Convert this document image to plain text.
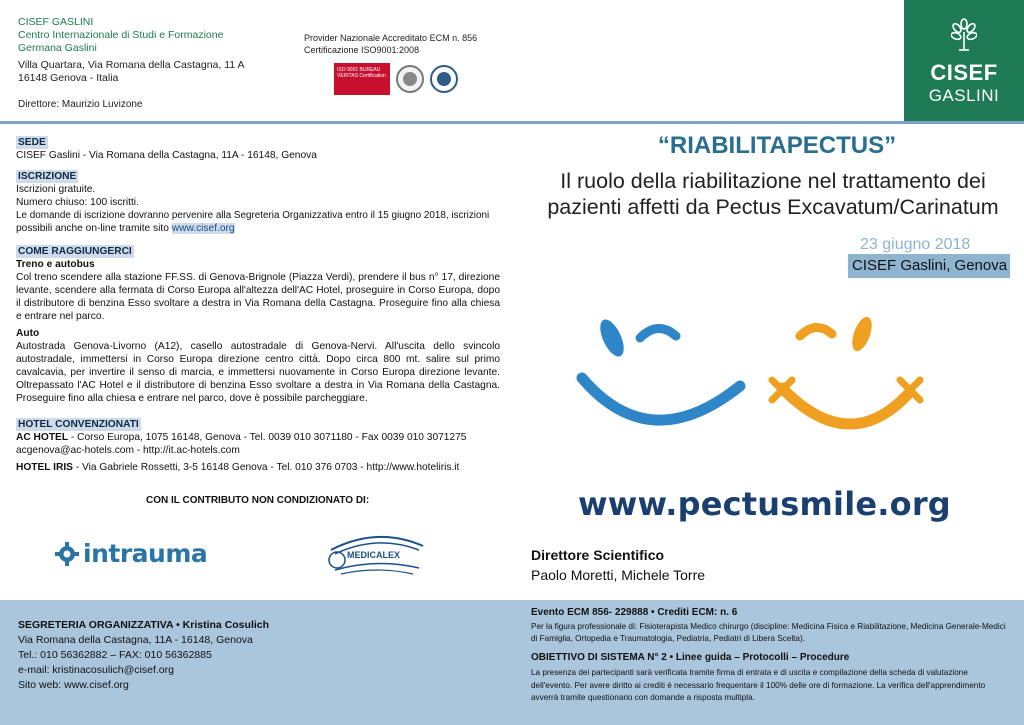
CISEF GASLINI
Centro Internazionale di Studi e Formazione
Germana Gaslini
Villa Quartara, Via Romana della Castagna, 11 A
16148 Genova - Italia
Direttore: Maurizio Luvizone
Provider Nazionale Accreditato ECM n. 856
Certificazione ISO9001:2008
ISO 9001 BUREAU VERITAS Certification	CISEF
GASLINI
SEDE
CISEF Gaslini - Via Romana della Castagna, 11A - 16148, Genova
ISCRIZIONE
Iscrizioni gratuite.
Numero chiuso: 100 iscritti.
Le domande di iscrizione dovranno pervenire alla Segreteria Organizzativa entro il 15 giugno 2018, iscrizioni
possibili anche on-line tramite sito www.cisef.org
COME RAGGIUNGERCI
Treno e autobus
Col treno scendere alla stazione FF.SS. di Genova-Brignole (Piazza Verdi), prendere il bus n° 17, direzione levante, scendere alla fermata di Corso Europa all'altezza dell'AC Hotel, proseguire in Corso Europa, dopo il distributore di benzina Esso svoltare a destra in Via Romana della Castagna. Proseguire fino alla chiesa e entrare nel parco.
Auto
Autostrada Genova-Livorno (A12), casello autostradale di Genova-Nervi. All'uscita dello svincolo autostradale, immettersi in Corso Europa direzione centro città. Dopo circa 800 mt. salire sul primo cavalcavia, per invertire il senso di marcia, e immettersi nuovamente in Corso Europa direzione levante. Oltrepassato l'AC Hotel e il distributore di benzina Esso svoltare a destra in Via Romana della Castagna. Proseguire fino alla chiesa e entrare nel parco, dove è possibile parcheggiare.
HOTEL CONVENZIONATI
AC HOTEL - Corso Europa, 1075 16148, Genova - Tel. 0039 010 3071180 - Fax 0039 010 3071275
acgenova@ac-hotels.com - http://it.ac-hotels.com
HOTEL IRIS - Via Gabriele Rossetti, 3-5 16148 Genova - Tel. 010 376 0703 - http://www.hoteliris.it
CON IL CONTRIBUTO NON CONDIZIONATO DI:
intrauma	MEDICALEX
“RIABILITAPECTUS”
Il ruolo della riabilitazione nel trattamento dei
pazienti affetti da Pectus Excavatum/Carinatum
23 giugno 2018
CISEF Gaslini, Genova
www.pectusmile.org
Direttore Scientifico
Paolo Moretti, Michele Torre
SEGRETERIA ORGANIZZATIVA • Kristina Cosulich
Via Romana della Castagna, 11A - 16148, Genova
Tel.: 010 56362882 – FAX: 010 56362885
e-mail: kristinacosulich@cisef.org
Sito web: www.cisef.org
Evento ECM 856- 229888 • Crediti ECM: n. 6
Per la figura professionale di: Fisioterapista Medico chirurgo (discipline: Medicina Fisica e Riabilitazione, Medicina Generale-Medici di Famiglia, Ortopedia e Traumatologia, Pediatria, Pediatri di Libera Scelta).
OBIETTIVO DI SISTEMA N° 2 • Linee guida – Protocolli – Procedure
La presenza dei partecipanti sarà verificata tramite firma di entrata e di uscita e compilazione della scheda di valutazione dell'evento. Per avere diritto ai crediti è necessario frequentare il 100% delle ore di formazione. La verifica dell'apprendimento avverrà tramite questionario con domande a risposta multipla.
